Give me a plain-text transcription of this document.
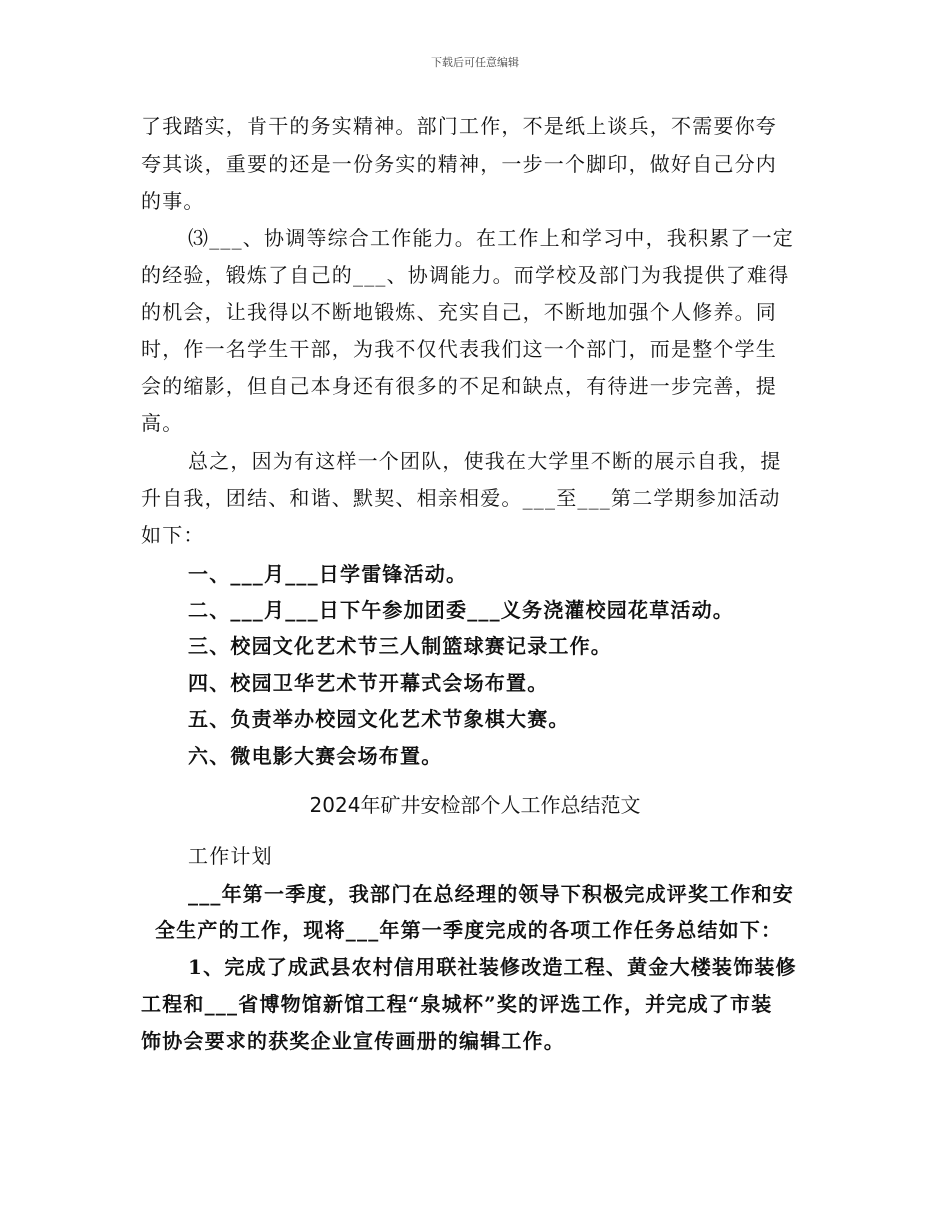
下载后可任意编辑
了我踏实，肯干的务实精神。部门工作，不是纸上谈兵，不需要你夸
夸其谈，重要的还是一份务实的精神，一步一个脚印，做好自己分内
的事。
⑶___、协调等综合工作能力。在工作上和学习中，我积累了一定
的经验，锻炼了自己的___、协调能力。而学校及部门为我提供了难得
的机会，让我得以不断地锻炼、充实自己，不断地加强个人修养。同
时，作一名学生干部，为我不仅代表我们这一个部门，而是整个学生
会的缩影，但自己本身还有很多的不足和缺点，有待进一步完善，提
高。
总之，因为有这样一个团队，使我在大学里不断的展示自我，提
升自我，团结、和谐、默契、相亲相爱。___至___第二学期参加活动
如下：
一、___月___日学雷锋活动。
二、___月___日下午参加团委___义务浇灌校园花草活动。
三、校园文化艺术节三人制篮球赛记录工作。
四、校园卫华艺术节开幕式会场布置。
五、负责举办校园文化艺术节象棋大赛。
六、微电影大赛会场布置。
2024年矿井安检部个人工作总结范文
工作计划
___年第一季度，我部门在总经理的领导下积极完成评奖工作和安
全生产的工作，现将___年第一季度完成的各项工作任务总结如下：
1、完成了成武县农村信用联社装修改造工程、黄金大楼装饰装修
工程和___省博物馆新馆工程“泉城杯”奖的评选工作，并完成了市装
饰协会要求的获奖企业宣传画册的编辑工作。
